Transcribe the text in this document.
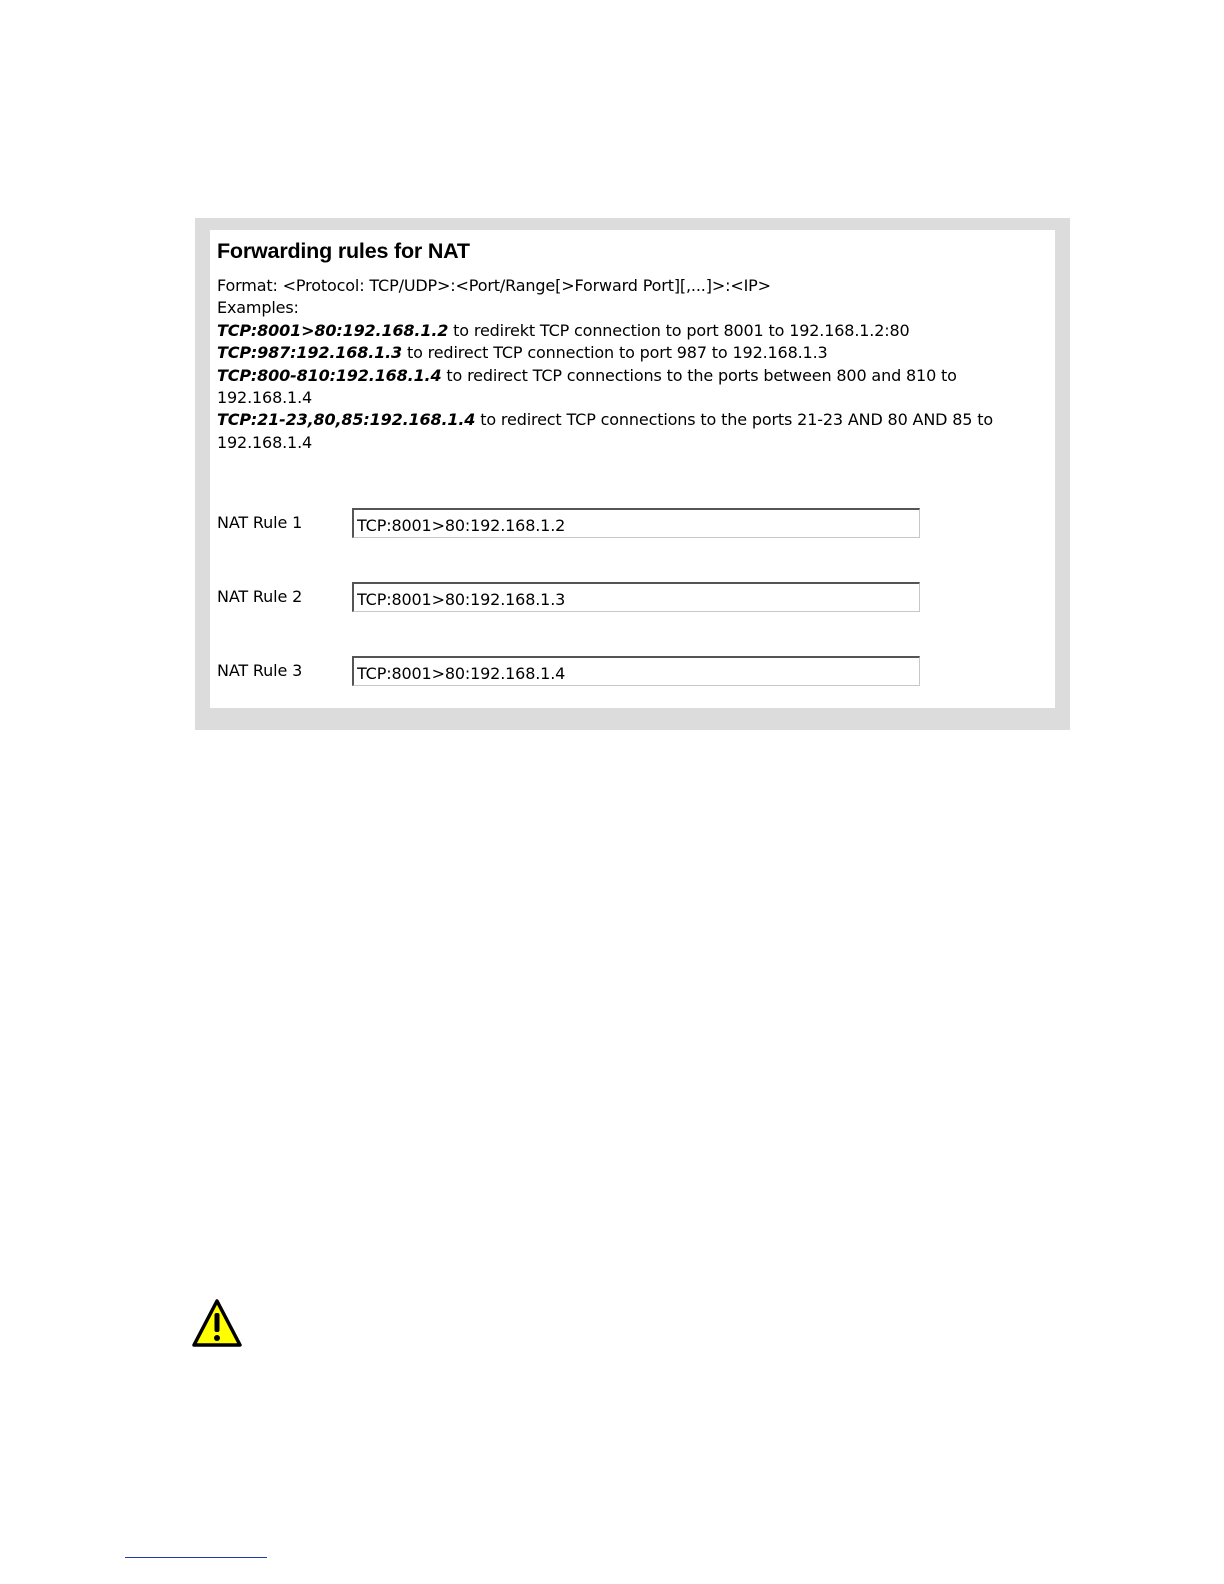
Forwarding rules for NAT
Format: <Protocol: TCP/UDP>:<Port/Range[>Forward Port][,...]>:<IP>
Examples:
TCP:8001>80:192.168.1.2 to redirekt TCP connection to port 8001 to 192.168.1.2:80
TCP:987:192.168.1.3 to redirect TCP connection to port 987 to 192.168.1.3
TCP:800-810:192.168.1.4 to redirect TCP connections to the ports between 800 and 810 to 192.168.1.4
TCP:21-23,80,85:192.168.1.4 to redirect TCP connections to the ports 21-23 AND 80 AND 85 to 192.168.1.4
NAT Rule 1
TCP:8001>80:192.168.1.2
NAT Rule 2
TCP:8001>80:192.168.1.3
NAT Rule 3
TCP:8001>80:192.168.1.4
